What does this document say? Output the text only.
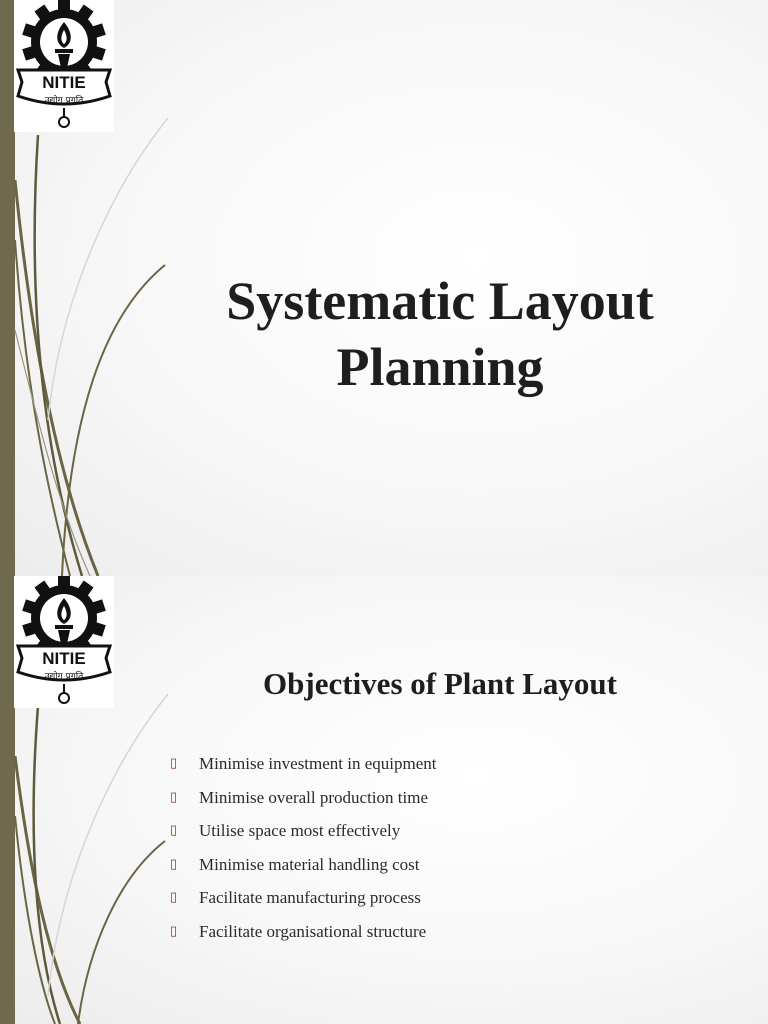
NITIE
उद्योग प्रगति
Systematic Layout Planning
NITIE
उद्योग प्रगति	Objectives of Plant Layout
▯	Minimise investment in equipment
▯	Minimise overall production time
▯	Utilise space most effectively
▯	Minimise material handling cost
▯	Facilitate manufacturing process
▯	Facilitate organisational structure
